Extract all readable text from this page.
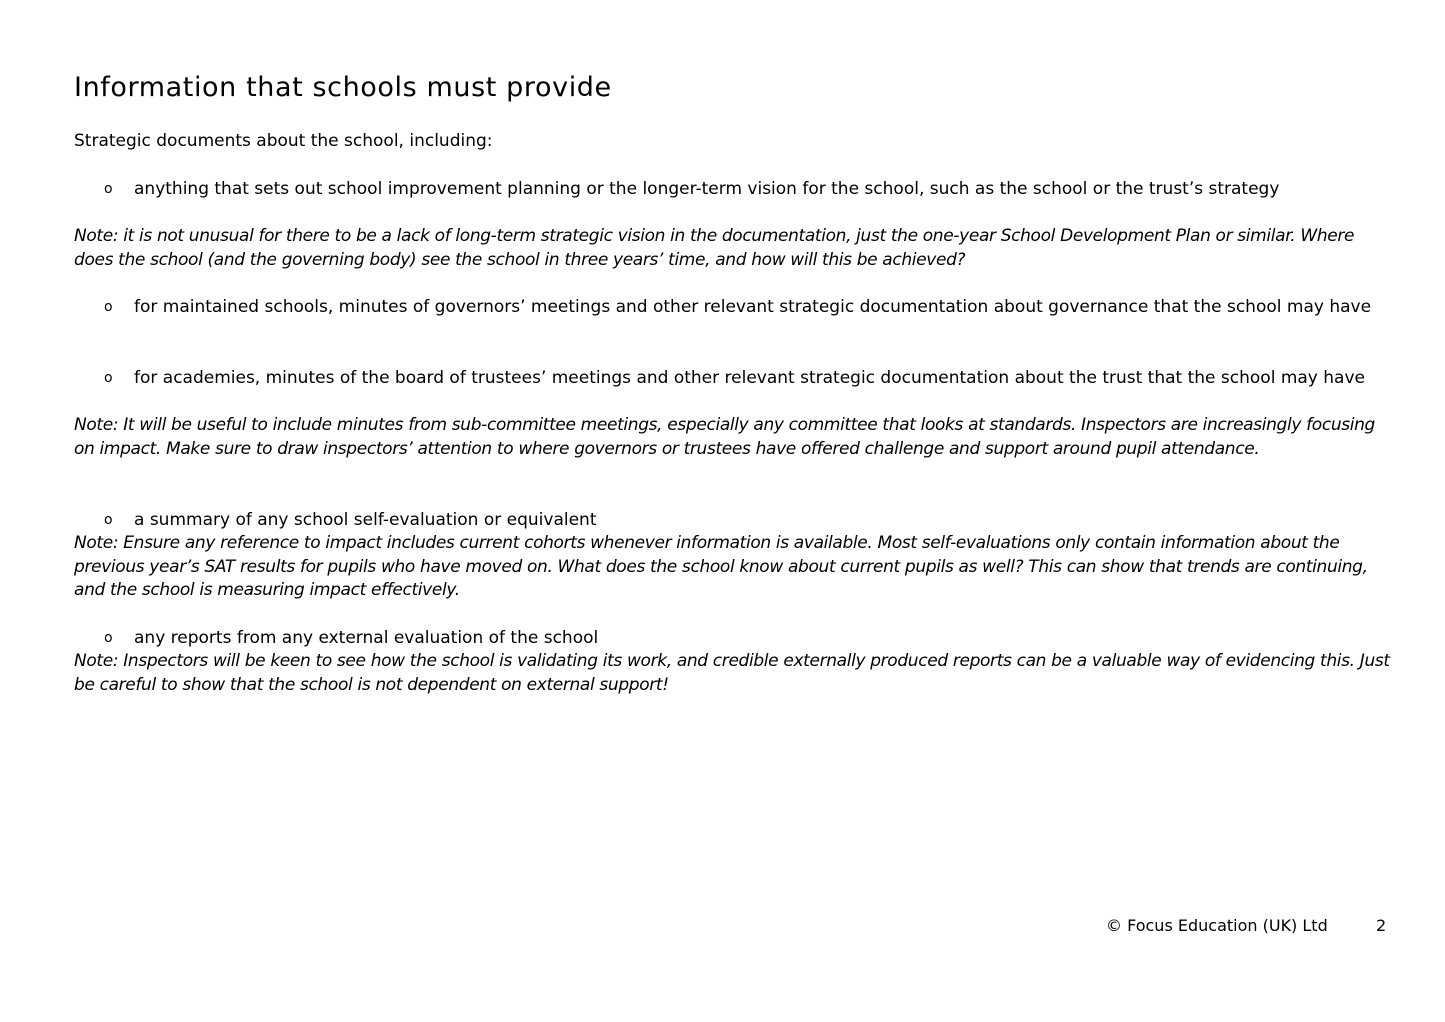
Information that schools must provide
Strategic documents about the school, including:
o anything that sets out school improvement planning or the longer-term vision for the school, such as the school or the trust’s strategy
Note: it is not unusual for there to be a lack of long-term strategic vision in the documentation, just the one-year School Development Plan or similar. Where does the school (and the governing body) see the school in three years’ time, and how will this be achieved?
o for maintained schools, minutes of governors’ meetings and other relevant strategic documentation about governance that the school may have
o for academies, minutes of the board of trustees’ meetings and other relevant strategic documentation about the trust that the school may have
Note: It will be useful to include minutes from sub-committee meetings, especially any committee that looks at standards. Inspectors are increasingly focusing on impact. Make sure to draw inspectors’ attention to where governors or trustees have offered challenge and support around pupil attendance.
o a summary of any school self-evaluation or equivalent
Note: Ensure any reference to impact includes current cohorts whenever information is available. Most self-evaluations only contain information about the previous year’s SAT results for pupils who have moved on. What does the school know about current pupils as well? This can show that trends are continuing, and the school is measuring impact effectively.
o any reports from any external evaluation of the school
Note: Inspectors will be keen to see how the school is validating its work, and credible externally produced reports can be a valuable way of evidencing this. Just be careful to show that the school is not dependent on external support!
© Focus Education (UK) Ltd	2
